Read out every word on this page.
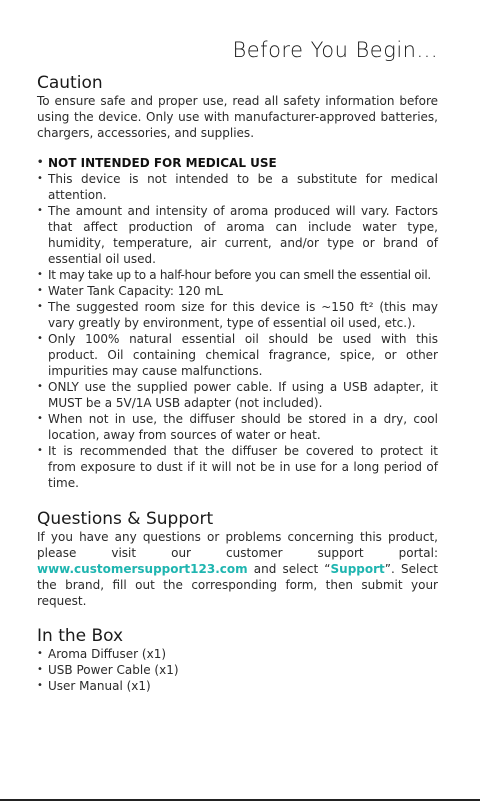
Before You Begin...
Caution
To ensure safe and proper use, read all safety information before using the device. Only use with manufacturer-approved batteries, chargers, accessories, and supplies.
• NOT INTENDED FOR MEDICAL USE
• This device is not intended to be a substitute for medical attention.
• The amount and intensity of aroma produced will vary. Factors that affect production of aroma can include water type, humidity, temperature, air current, and/or type or brand of essential oil used.
• It may take up to a half-hour before you can smell the essential oil.
• Water Tank Capacity: 120 mL
• The suggested room size for this device is ~150 ft² (this may vary greatly by environment, type of essential oil used, etc.).
• Only 100% natural essential oil should be used with this product. Oil containing chemical fragrance, spice, or other impurities may cause malfunctions.
• ONLY use the supplied power cable. If using a USB adapter, it MUST be a 5V/1A USB adapter (not included).
• When not in use, the diffuser should be stored in a dry, cool location, away from sources of water or heat.
• It is recommended that the diffuser be covered to protect it from exposure to dust if it will not be in use for a long period of time.
Questions & Support
If you have any questions or problems concerning this product, please visit our customer support portal: www.customersupport123.com and select “Support”. Select the brand, fill out the corresponding form, then submit your request.
In the Box
• Aroma Diffuser (x1)
• USB Power Cable (x1)
• User Manual (x1)
